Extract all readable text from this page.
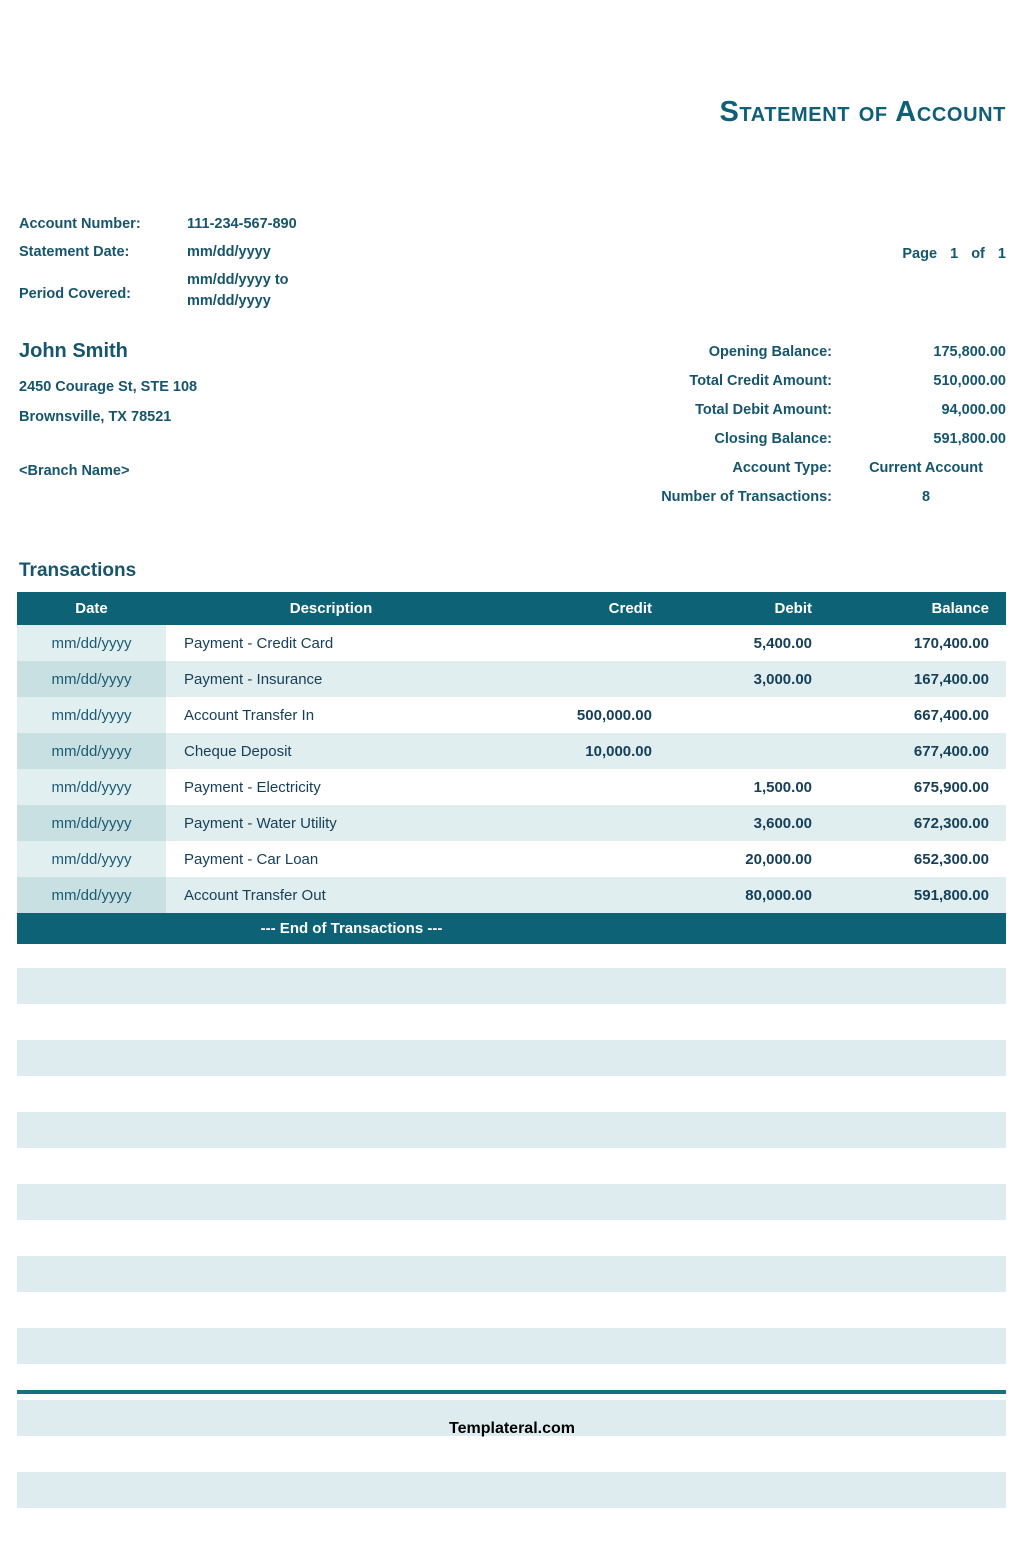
Statement of Account
Account Number:	111-234-567-890
Statement Date:	mm/dd/yyyy
Period Covered:
mm/dd/yyyy to
mm/dd/yyyy
Page 1 of 1
John Smith
2450 Courage St, STE 108
Brownsville, TX 78521
<Branch Name>
Opening Balance:	175,800.00
Total Credit Amount:	510,000.00
Total Debit Amount:	94,000.00
Closing Balance:	591,800.00
Account Type:	Current Account
Number of Transactions:	8
Transactions
Date	Description	Credit	Debit	Balance
mm/dd/yyyy	Payment - Credit Card		5,400.00	170,400.00
mm/dd/yyyy	Payment - Insurance		3,000.00	167,400.00
mm/dd/yyyy	Account Transfer In	500,000.00		667,400.00
mm/dd/yyyy	Cheque Deposit	10,000.00		677,400.00
mm/dd/yyyy	Payment - Electricity		1,500.00	675,900.00
mm/dd/yyyy	Payment - Water Utility		3,600.00	672,300.00
mm/dd/yyyy	Payment - Car Loan		20,000.00	652,300.00
mm/dd/yyyy	Account Transfer Out		80,000.00	591,800.00
--- End of Transactions ---				
Templateral.com
